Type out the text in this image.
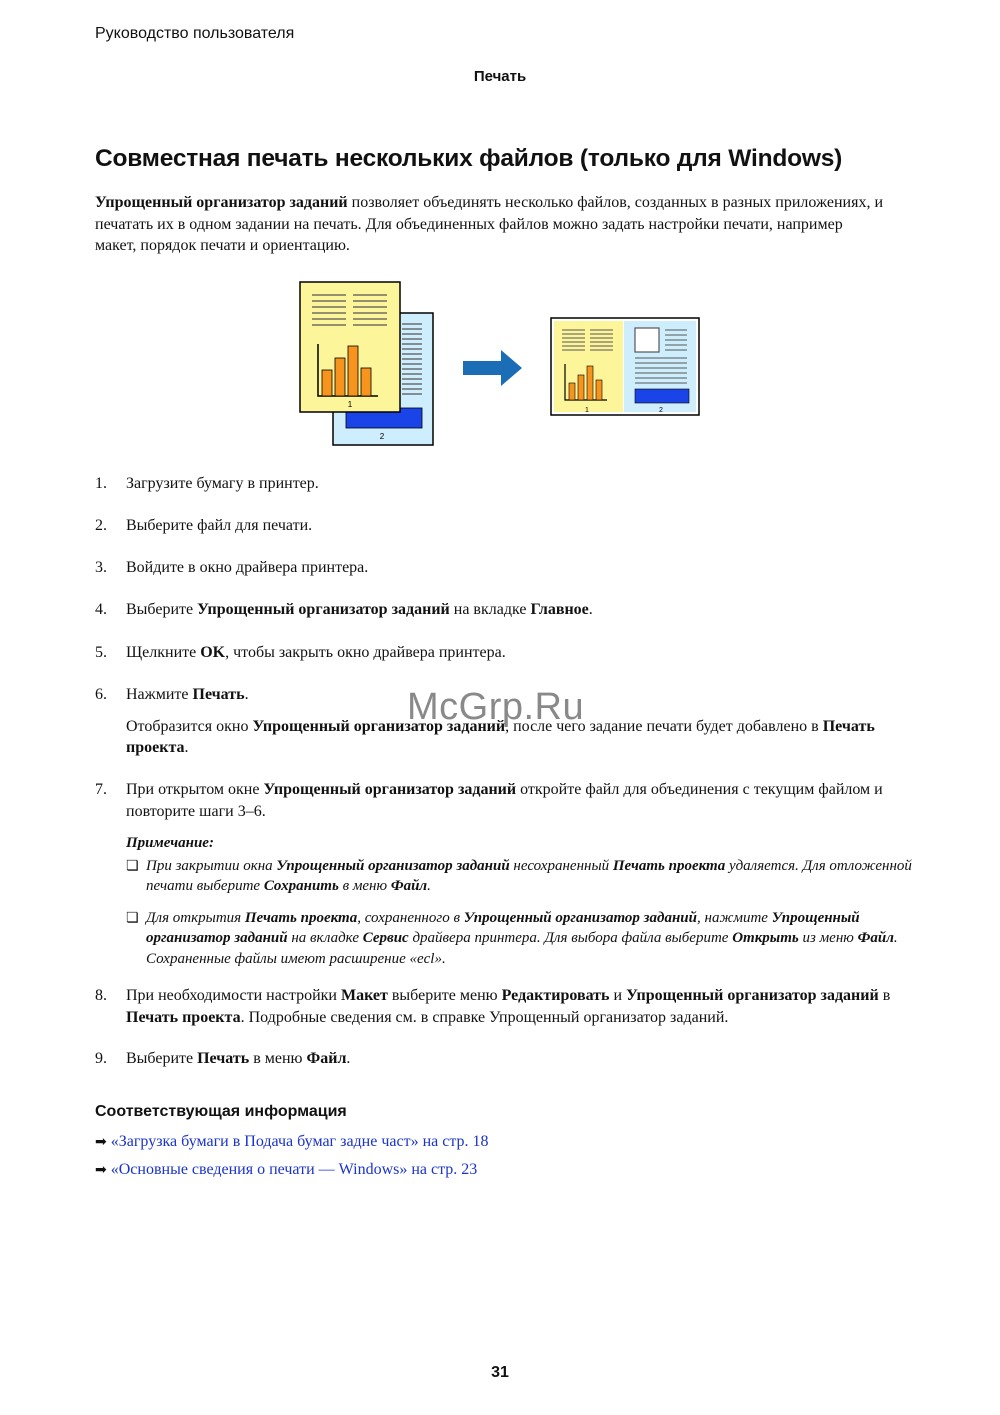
Руководство пользователя
Печать
Совместная печать нескольких файлов (только для Windows)

Упрощенный организатор заданий позволяет объединять несколько файлов, созданных в разных приложениях, и печатать их в одном задании на печать. Для объединенных файлов можно задать настройки печати, например макет, порядок печати и ориентацию.

2
1
1	2
1. Загрузите бумагу в принтер.
2. Выберите файл для печати.
3. Войдите в окно драйвера принтера.
4. Выберите Упрощенный организатор заданий на вкладке Главное.
5. Щелкните OK, чтобы закрыть окно драйвера принтера.
6. Нажмите Печать.
Отобразится окно Упрощенный организатор заданий, после чего задание печати будет добавлено в Печать проекта.
7. При открытом окне Упрощенный организатор заданий откройте файл для объединения с текущим файлом и повторите шаги 3–6.
Примечание:
❏ При закрытии окна Упрощенный организатор заданий несохраненный Печать проекта удаляется. Для отложенной печати выберите Сохранить в меню Файл.
❏ Для открытия Печать проекта, сохраненного в Упрощенный организатор заданий, нажмите Упрощенный организатор заданий на вкладке Сервис драйвера принтера. Для выбора файла выберите Открыть из меню Файл. Сохраненные файлы имеют расширение «ecl».
8. При необходимости настройки Макет выберите меню Редактировать и Упрощенный организатор заданий в Печать проекта. Подробные сведения см. в справке Упрощенный организатор заданий.
9. Выберите Печать в меню Файл.
Соответствующая информация
➡ «Загрузка бумаги в Подача бумаг задне част» на стр. 18
➡ «Основные сведения о печати — Windows» на стр. 23
McGrp.Ru
31
